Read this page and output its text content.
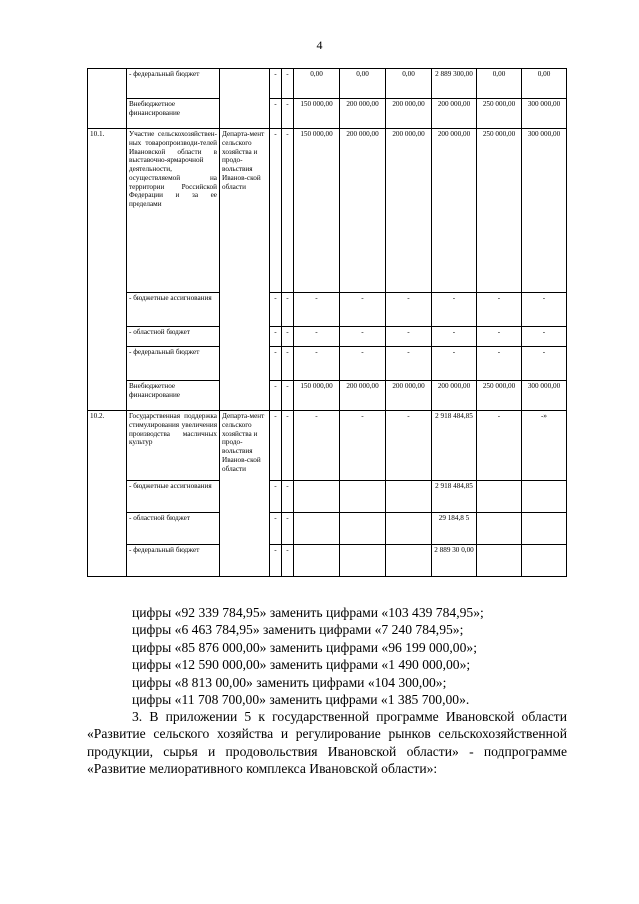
4
	- федеральный бюджет		-	-	0,00	0,00	0,00	2 889 300,00	0,00	0,00
	Внебюджетное финансирование		-	-	150 000,00	200 000,00	200 000,00	200 000,00	250 000,00	300 000,00
10.1.	Участие сельскохозяйствен-ных товаропроизводи-телей Ивановской области в выставочно-ярмарочной деятельности, осуществляемой на территории Российской Федерации и за ее пределами	Департа-мент сельского хозяйства и продо-вольствия Иванов-ской области	-	-	150 000,00	200 000,00	200 000,00	200 000,00	250 000,00	300 000,00
	- бюджетные ассигнования		-	-	-	-	-	-	-	-
	- областной бюджет		-	-	-	-	-	-	-	-
	- федеральный бюджет		-	-	-	-	-	-	-	-
	Внебюджетное финансирование		-	-	150 000,00	200 000,00	200 000,00	200 000,00	250 000,00	300 000,00
10.2.	Государственная поддержка стимулирования увеличения производства масличных культур	Департа-мент сельского хозяйства и продо-вольствия Иванов-ской области	-	-	-	-	-	2 918 484,85	-	-»
	- бюджетные ассигнования		-	-				2 918 484,85		
	- областной бюджет		-	-				29 184,8 5		
	- федеральный бюджет		-	-				2 889 30 0,00		
цифры «92 339 784,95» заменить цифрами «103 439 784,95»;
цифры «6 463 784,95» заменить цифрами «7 240 784,95»;
цифры «85 876 000,00» заменить цифрами «96 199 000,00»;
цифры «12 590 000,00» заменить цифрами «1 490 000,00»;
цифры «8 813 00,00» заменить цифрами «104 300,00»;
цифры «11 708 700,00» заменить цифрами «1 385 700,00».
3. В приложении 5 к государственной программе Ивановской области «Развитие сельского хозяйства и регулирование рынков сельскохозяйственной продукции, сырья и продовольствия Ивановской области» - подпрограмме «Развитие мелиоративного комплекса Ивановской области»:
